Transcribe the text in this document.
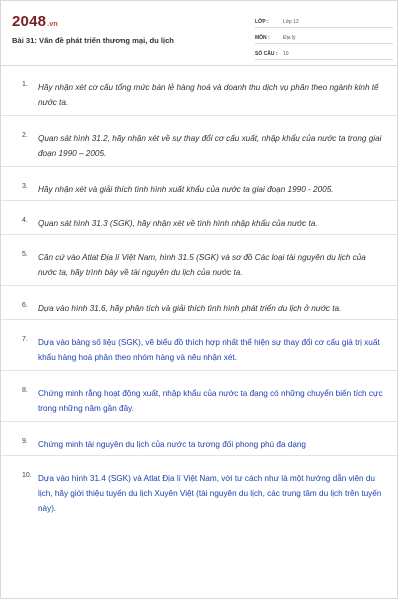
2048.vn
Bài 31: Vấn đề phát triển thương mại, du lịch
LỚP :	Lớp 12
MÔN :	Địa lý
SỐ CÂU :	10
1. Hãy nhận xét cơ cấu tổng mức bán lẻ hàng hoá và doanh thu dịch vụ phân theo ngành kinh tế nước ta.

2. Quan sát hình 31.2, hãy nhận xét về sự thay đổi cơ cấu xuất, nhập khẩu của nước ta trong giai đoạn 1990 – 2005.

3. Hãy nhận xét và giải thích tình hình xuất khẩu của nước ta giai đoạn 1990 - 2005.

4. Quan sát hình 31.3 (SGK), hãy nhận xét về tình hình nhập khẩu của nước ta.

5. Căn cứ vào Atlat Địa lí Việt Nam, hình 31.5 (SGK) và sơ đồ Các loại tài nguyên du lịch của nước ta, hãy trình bày về tài nguyên du lịch của nước ta.

6. Dựa vào hình 31.6, hãy phân tích và giải thích tình hình phát triển du lịch ở nước ta.

7. Dựa vào bảng số liệu (SGK), vẽ biểu đồ thích hợp nhất thể hiện sự thay đổi cơ cấu giá trị xuất khẩu hàng hoá phân theo nhóm hàng và nêu nhận xét.

8. Chứng minh rằng hoạt động xuất, nhập khẩu của nước ta đang có những chuyển biến tích cực trong những năm gần đây.

9. Chứng minh tài nguyên du lịch của nước ta tương đối phong phú đa dạng

10. Dựa vào hình 31.4 (SGK) và Atlat Địa lí Việt Nam, với tư cách như là một hướng dẫn viên du lịch, hãy giới thiệu tuyến du lịch Xuyên Việt (tài nguyên du lịch, các trung tâm du lịch trên tuyến này).
